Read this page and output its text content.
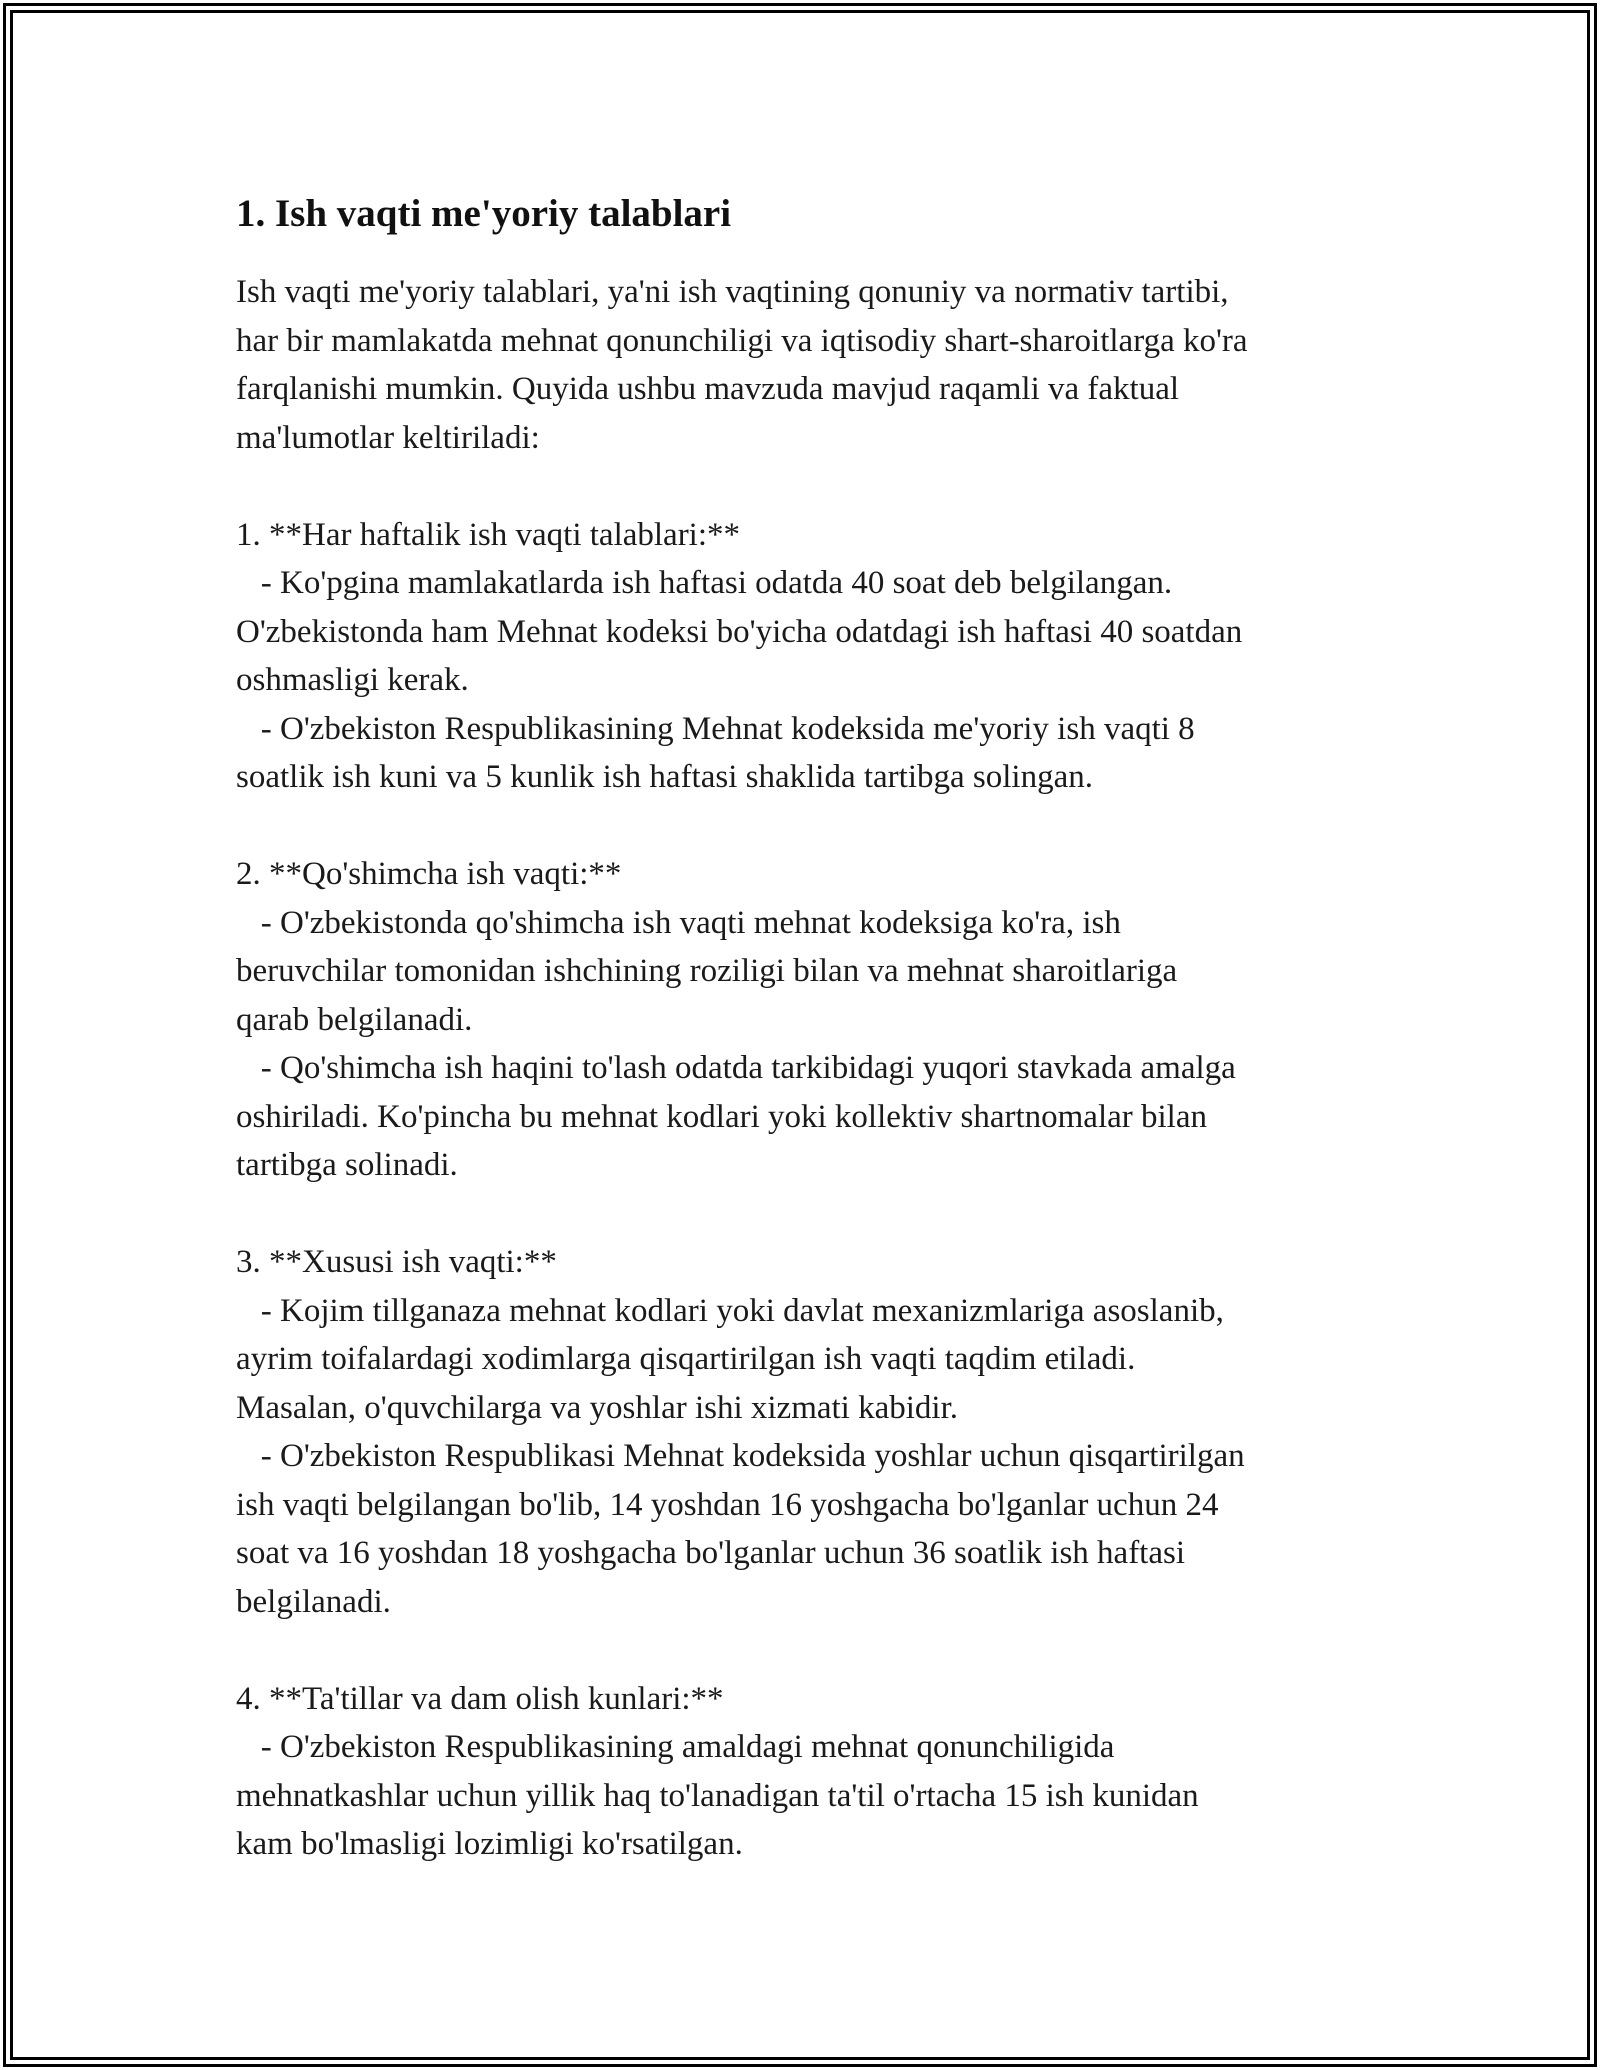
1. Ish vaqti me'yoriy talablari
Ish vaqti me'yoriy talablari, ya'ni ish vaqtining qonuniy va normativ tartibi,
har bir mamlakatda mehnat qonunchiligi va iqtisodiy shart-sharoitlarga ko'ra
farqlanishi mumkin. Quyida ushbu mavzuda mavjud raqamli va faktual
ma'lumotlar keltiriladi:

1. **Har haftalik ish vaqti talablari:**
- Ko'pgina mamlakatlarda ish haftasi odatda 40 soat deb belgilangan.
O'zbekistonda ham Mehnat kodeksi bo'yicha odatdagi ish haftasi 40 soatdan
oshmasligi kerak.
- O'zbekiston Respublikasining Mehnat kodeksida me'yoriy ish vaqti 8
soatlik ish kuni va 5 kunlik ish haftasi shaklida tartibga solingan.

2. **Qo'shimcha ish vaqti:**
- O'zbekistonda qo'shimcha ish vaqti mehnat kodeksiga ko'ra, ish
beruvchilar tomonidan ishchining roziligi bilan va mehnat sharoitlariga
qarab belgilanadi.
- Qo'shimcha ish haqini to'lash odatda tarkibidagi yuqori stavkada amalga
oshiriladi. Ko'pincha bu mehnat kodlari yoki kollektiv shartnomalar bilan
tartibga solinadi.

3. **Xususi ish vaqti:**
- Kojim tillganaza mehnat kodlari yoki davlat mexanizmlariga asoslanib,
ayrim toifalardagi xodimlarga qisqartirilgan ish vaqti taqdim etiladi.
Masalan, o'quvchilarga va yoshlar ishi xizmati kabidir.
- O'zbekiston Respublikasi Mehnat kodeksida yoshlar uchun qisqartirilgan
ish vaqti belgilangan bo'lib, 14 yoshdan 16 yoshgacha bo'lganlar uchun 24
soat va 16 yoshdan 18 yoshgacha bo'lganlar uchun 36 soatlik ish haftasi
belgilanadi.

4. **Ta'tillar va dam olish kunlari:**
- O'zbekiston Respublikasining amaldagi mehnat qonunchiligida
mehnatkashlar uchun yillik haq to'lanadigan ta'til o'rtacha 15 ish kunidan
kam bo'lmasligi lozimligi ko'rsatilgan.
